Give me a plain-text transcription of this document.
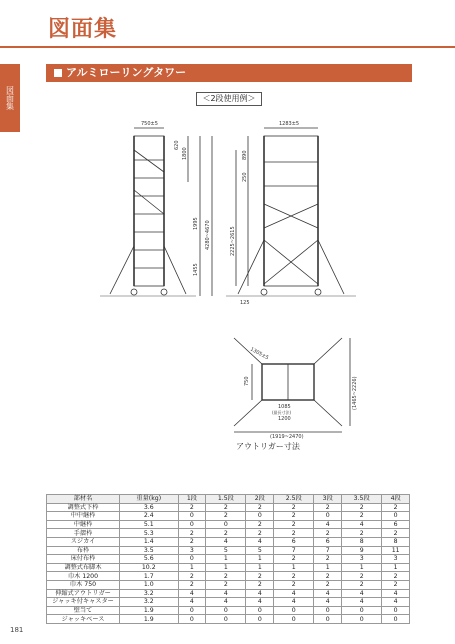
図面集
図面集
アルミローリングタワー
＜2段使用例＞
750±5	1283±5
620
1800
1995 4280~4670
1455
890
250
2225~2615
125
1305±5
750
1085
(最長寸法)
1200
(1919~2470)
(1465~2226)
アウトリガー寸法
部材名	重量(kg)	1段	1.5段	2段	2.5段	3段	3.5段	4段
調整式下枠	3.6	2	2	2	2	2	2	2
中中継枠	2.4	0	2	0	2	0	2	0
中継枠	5.1	0	0	2	2	4	4	6
手摺枠	5.3	2	2	2	2	2	2	2
スジカイ	1.4	2	4	4	6	6	8	8
布枠	3.5	3	5	5	7	7	9	11
床付布枠	5.6	0	1	1	2	2	3	3
調整式布脚木	10.2	1	1	1	1	1	1	1
巾木 1200	1.7	2	2	2	2	2	2	2
巾木 750	1.0	2	2	2	2	2	2	2
伸縮式アウトリガー	3.2	4	4	4	4	4	4	4
ジャッキ付キャスター	3.2	4	4	4	4	4	4	4
壁当て	1.9	0	0	0	0	0	0	0
ジャッキベース	1.9	0	0	0	0	0	0	0
181
